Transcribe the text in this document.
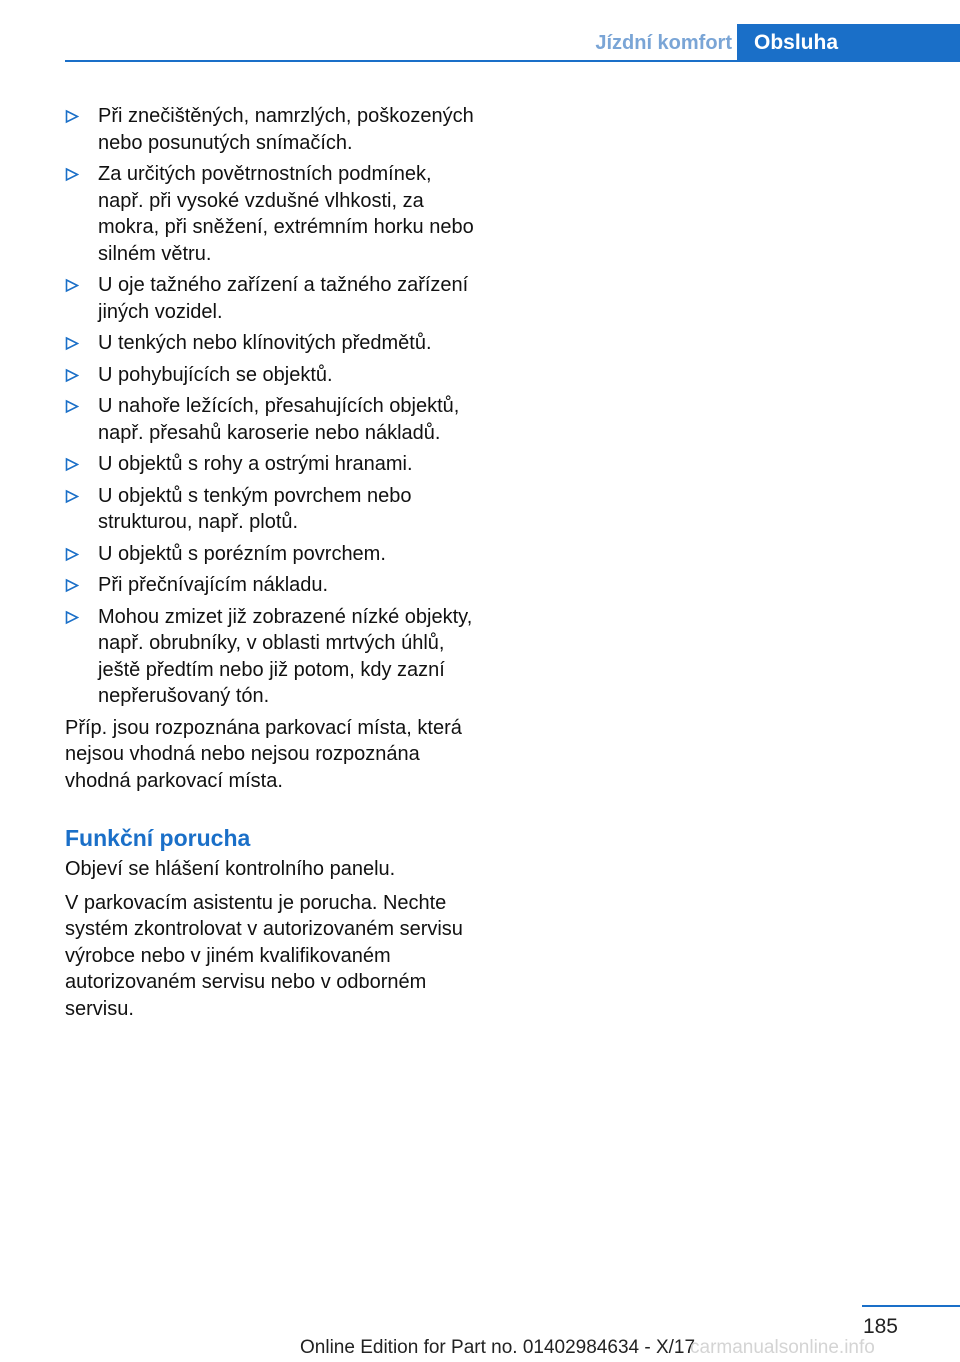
Jízdní komfort	Obsluha
Při znečištěných, namrzlých, poškozených nebo posunutých snímačích.
Za určitých povětrnostních podmínek, např. při vysoké vzdušné vlhkosti, za mokra, při sněžení, extrémním horku nebo silném větru.
U oje tažného zařízení a tažného zařízení jiných vozidel.
U tenkých nebo klínovitých předmětů.
U pohybujících se objektů.
U nahoře ležících, přesahujících objektů, např. přesahů karoserie nebo nákladů.
U objektů s rohy a ostrými hranami.
U objektů s tenkým povrchem nebo strukturou, např. plotů.
U objektů s porézním povrchem.
Při přečnívajícím nákladu.
Mohou zmizet již zobrazené nízké objekty, např. obrubníky, v oblasti mrtvých úhlů, ještě předtím nebo již potom, kdy zazní nepřerušovaný tón.

Příp. jsou rozpoznána parkovací místa, která nejsou vhodná nebo nejsou rozpoznána vhodná parkovací místa.

Funkční porucha

Objeví se hlášení kontrolního panelu.

V parkovacím asistentu je porucha. Nechte systém zkontrolovat v autorizovaném servisu výrobce nebo v jiném kvalifikovaném autorizovaném servisu nebo v odborném servisu.

185
Online Edition for Part no. 01402984634 - X/17
carmanualsonline.info
